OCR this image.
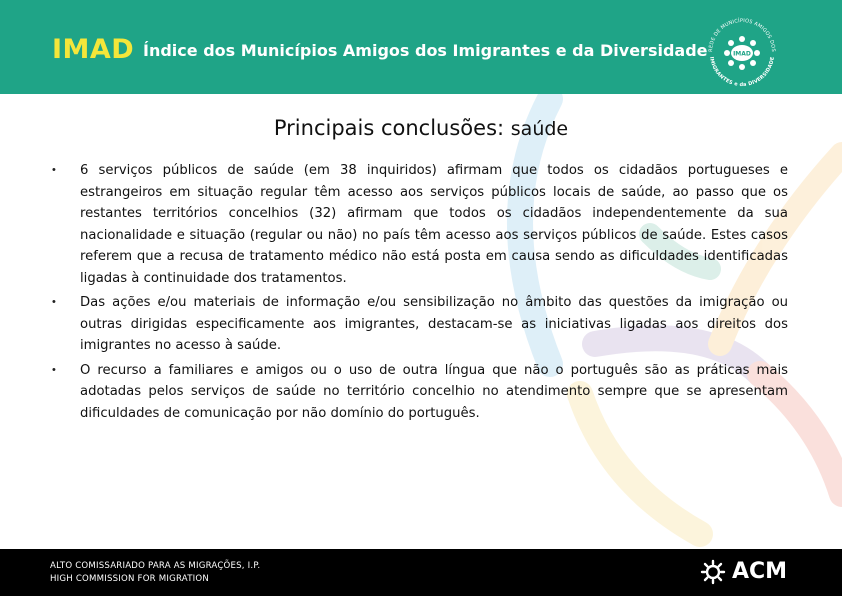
IMAD Índice dos Municípios Amigos dos Imigrantes e da Diversidade REDE DE MUNICÍPIOS AMIGOS DOS
IMIGRANTES e da DIVERSIDADE
IMAD
Principais conclusões: saúde
• 6 serviços públicos de saúde (em 38 inquiridos) afirmam que todos os cidadãos portugueses e estrangeiros em situação regular têm acesso aos serviços públicos locais de saúde, ao passo que os restantes territórios concelhios (32) afirmam que todos os cidadãos independentemente da sua nacionalidade e situação (regular ou não) no país têm acesso aos serviços públicos de saúde. Estes casos referem que a recusa de tratamento médico não está posta em causa sendo as dificuldades identificadas ligadas à continuidade dos tratamentos.
• Das ações e/ou materiais de informação e/ou sensibilização no âmbito das questões da imigração ou outras dirigidas especificamente aos imigrantes, destacam-se as iniciativas ligadas aos direitos dos imigrantes no acesso à saúde.
• O recurso a familiares e amigos ou o uso de outra língua que não o português são as práticas mais adotadas pelos serviços de saúde no território concelhio no atendimento sempre que se apresentam dificuldades de comunicação por não domínio do português.
ALTO COMISSARIADO PARA AS MIGRAÇÕES, I.P.
HIGH COMMISSION FOR MIGRATION	ACM
